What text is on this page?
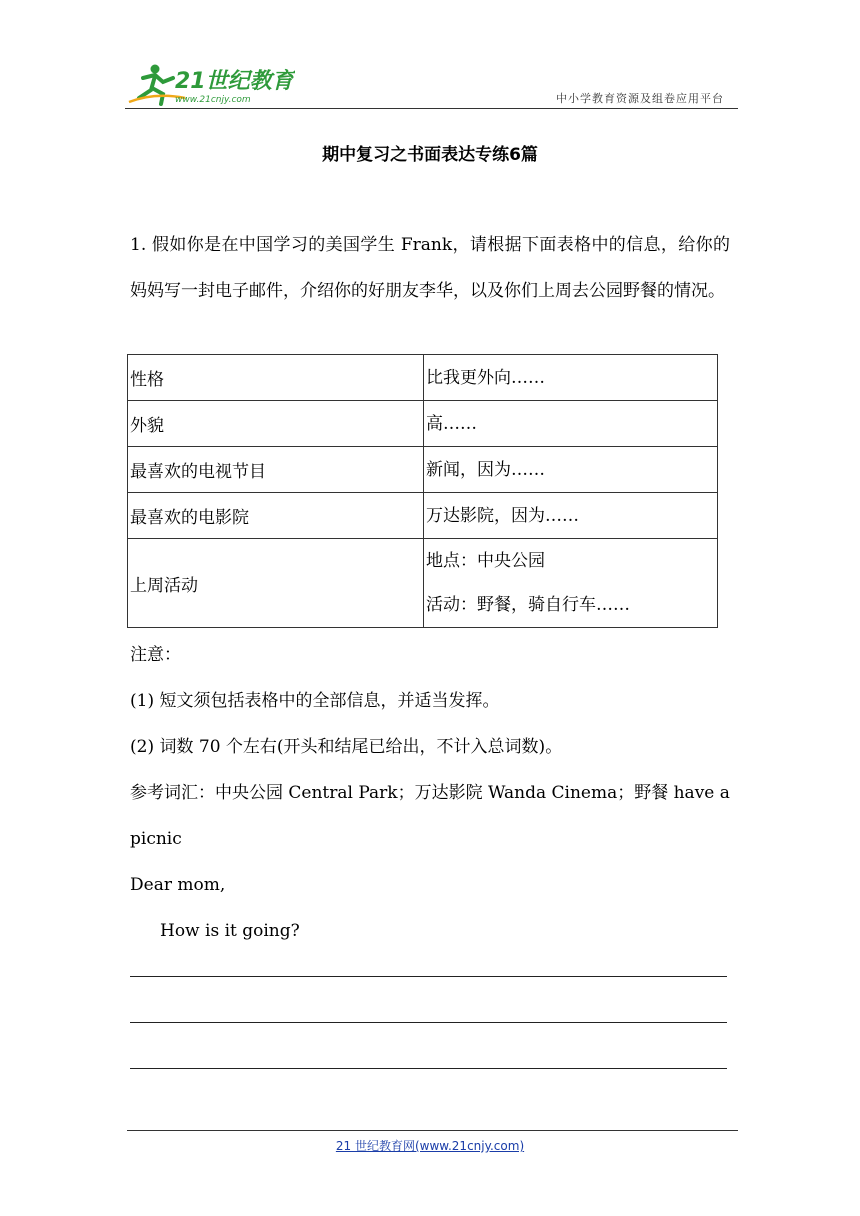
21世纪教育
www.21cnjy.com	中小学教育资源及组卷应用平台
期中复习之书面表达专练6篇
1. 假如你是在中国学习的美国学生 Frank，请根据下面表格中的信息，给你的妈妈写一封电子邮件，介绍你的好朋友李华，以及你们上周去公园野餐的情况。
性格	比我更外向……

外貌	高……

最喜欢的电视节目	新闻，因为……

最喜欢的电影院	万达影院，因为……

上周活动	地点：中央公园
活动：野餐，骑自行车……
注意：
(1) 短文须包括表格中的全部信息，并适当发挥。
(2) 词数 70 个左右(开头和结尾已给出，不计入总词数)。
参考词汇：中央公园 Central Park；万达影院 Wanda Cinema；野餐 have a picnic
Dear mom,
How is it going?
21 世纪教育网(www.21cnjy.com)
